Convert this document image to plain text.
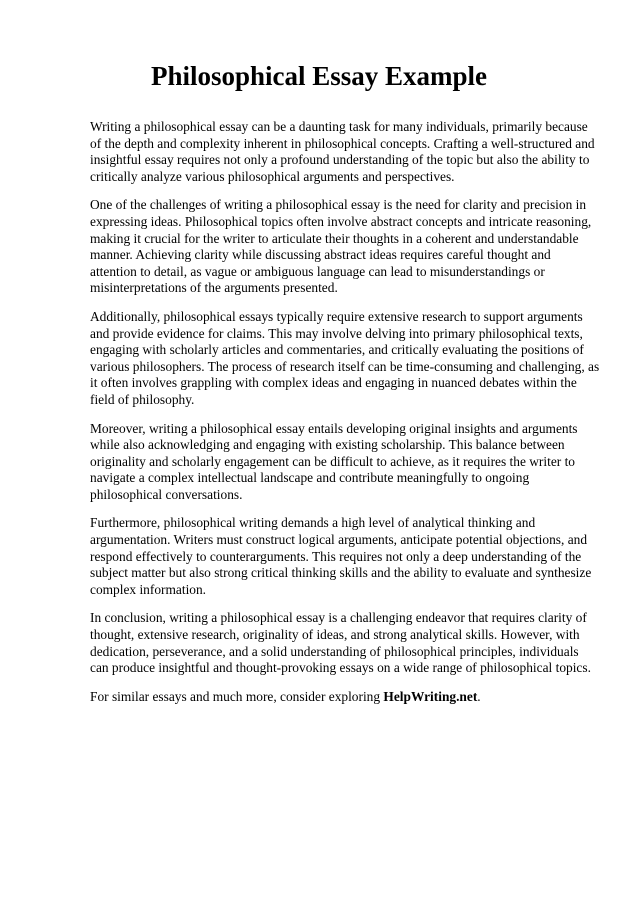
Philosophical Essay Example

Writing a philosophical essay can be a daunting task for many individuals, primarily because of the depth and complexity inherent in philosophical concepts. Crafting a well-structured and insightful essay requires not only a profound understanding of the topic but also the ability to critically analyze various philosophical arguments and perspectives.

One of the challenges of writing a philosophical essay is the need for clarity and precision in expressing ideas. Philosophical topics often involve abstract concepts and intricate reasoning, making it crucial for the writer to articulate their thoughts in a coherent and understandable manner. Achieving clarity while discussing abstract ideas requires careful thought and attention to detail, as vague or ambiguous language can lead to misunderstandings or misinterpretations of the arguments presented.

Additionally, philosophical essays typically require extensive research to support arguments and provide evidence for claims. This may involve delving into primary philosophical texts, engaging with scholarly articles and commentaries, and critically evaluating the positions of various philosophers. The process of research itself can be time-consuming and challenging, as it often involves grappling with complex ideas and engaging in nuanced debates within the field of philosophy.

Moreover, writing a philosophical essay entails developing original insights and arguments while also acknowledging and engaging with existing scholarship. This balance between originality and scholarly engagement can be difficult to achieve, as it requires the writer to navigate a complex intellectual landscape and contribute meaningfully to ongoing philosophical conversations.

Furthermore, philosophical writing demands a high level of analytical thinking and argumentation. Writers must construct logical arguments, anticipate potential objections, and respond effectively to counterarguments. This requires not only a deep understanding of the subject matter but also strong critical thinking skills and the ability to evaluate and synthesize complex information.

In conclusion, writing a philosophical essay is a challenging endeavor that requires clarity of thought, extensive research, originality of ideas, and strong analytical skills. However, with dedication, perseverance, and a solid understanding of philosophical principles, individuals can produce insightful and thought-provoking essays on a wide range of philosophical topics.

For similar essays and much more, consider exploring HelpWriting.net.
